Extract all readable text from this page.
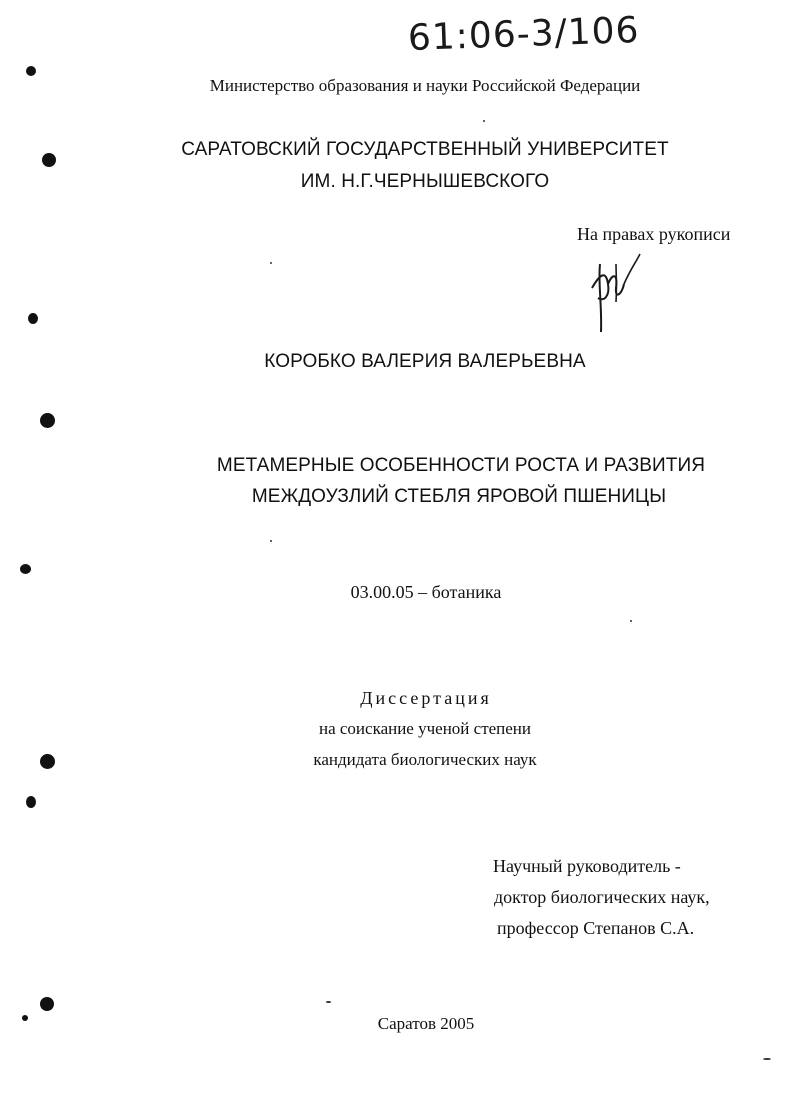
61:06-3/106
Министерство образования и науки Российской Федерации
САРАТОВСКИЙ ГОСУДАРСТВЕННЫЙ УНИВЕРСИТЕТ
ИМ. Н.Г.ЧЕРНЫШЕВСКОГО
На правах рукописи
КОРОБКО ВАЛЕРИЯ ВАЛЕРЬЕВНА
МЕТАМЕРНЫЕ ОСОБЕННОСТИ РОСТА И РАЗВИТИЯ
МЕЖДОУЗЛИЙ СТЕБЛЯ ЯРОВОЙ ПШЕНИЦЫ
03.00.05 – ботаника
Диссертация
на соискание ученой степени
кандидата биологических наук
Научный руководитель -
доктор биологических наук,
профессор Степанов С.А.
Саратов 2005
